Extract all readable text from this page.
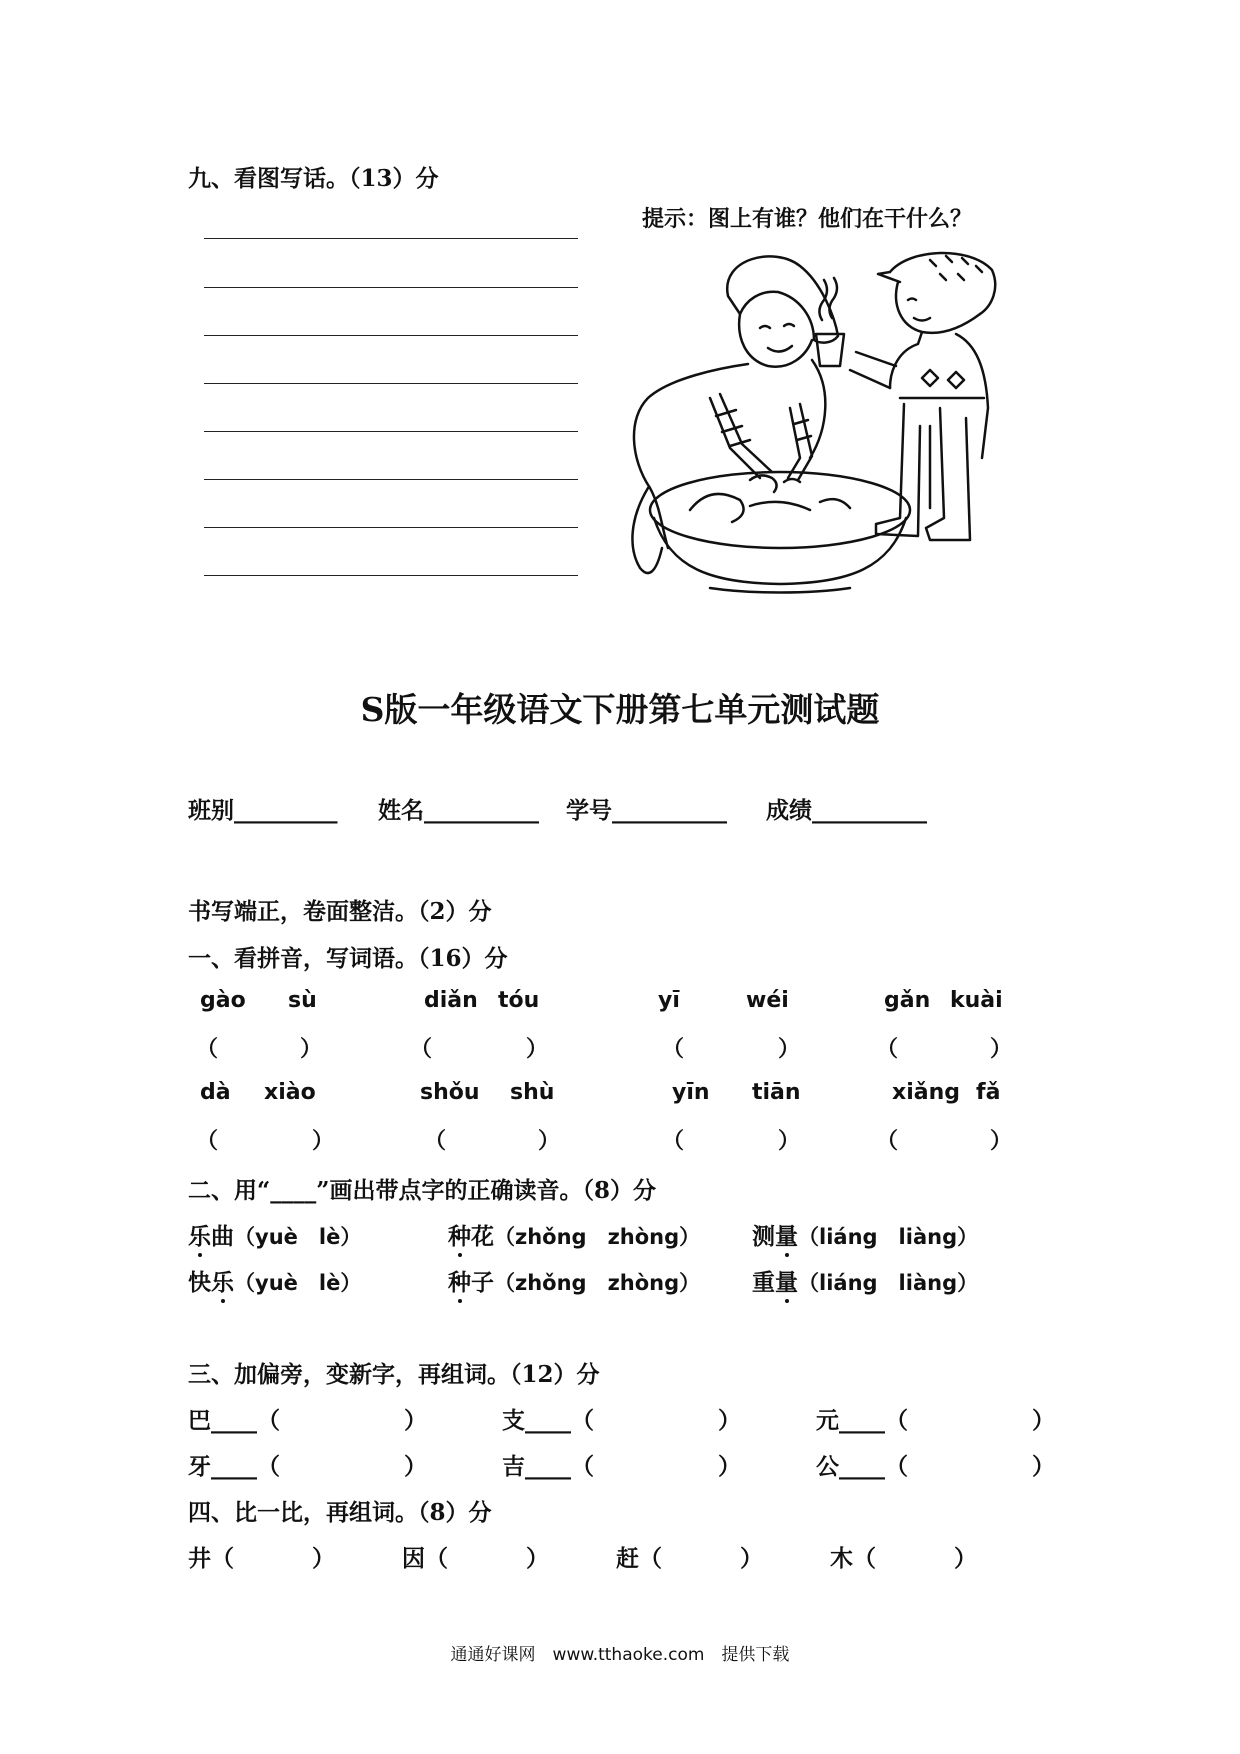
九、看图写话。（13）分
提示：图上有谁？他们在干什么？
S版一年级语文下册第七单元测试题
班别_________ 姓名__________ 学号__________ 成绩__________
书写端正，卷面整洁。（2）分
一、看拼音，写词语。（16）分
gào sù	diǎn tóu	yī	wéi	gǎn kuài
（	）	（	）	（	）	（	）
dà xiào	shǒu shù	yīn tiān	xiǎng fǎ
（	）	（	）	（	）	（	）
二、用“____”画出带点字的正确读音。（8）分
乐曲（yuè　lè）	种花（zhǒng　zhòng） 测量（liáng　liàng）
快乐（yuè　lè）	种子（zhǒng　zhòng） 重量（liáng　liàng）
三、加偏旁，变新字，再组词。（12）分
巴____（	）	支____（	）	元____（	）
牙____（	）	吉____（	）	公____（	）
四、比一比，再组词。（8）分
井（	）	因（	）	赶（	）	木（	）
通通好课网　www.tthaoke.com　提供下载
